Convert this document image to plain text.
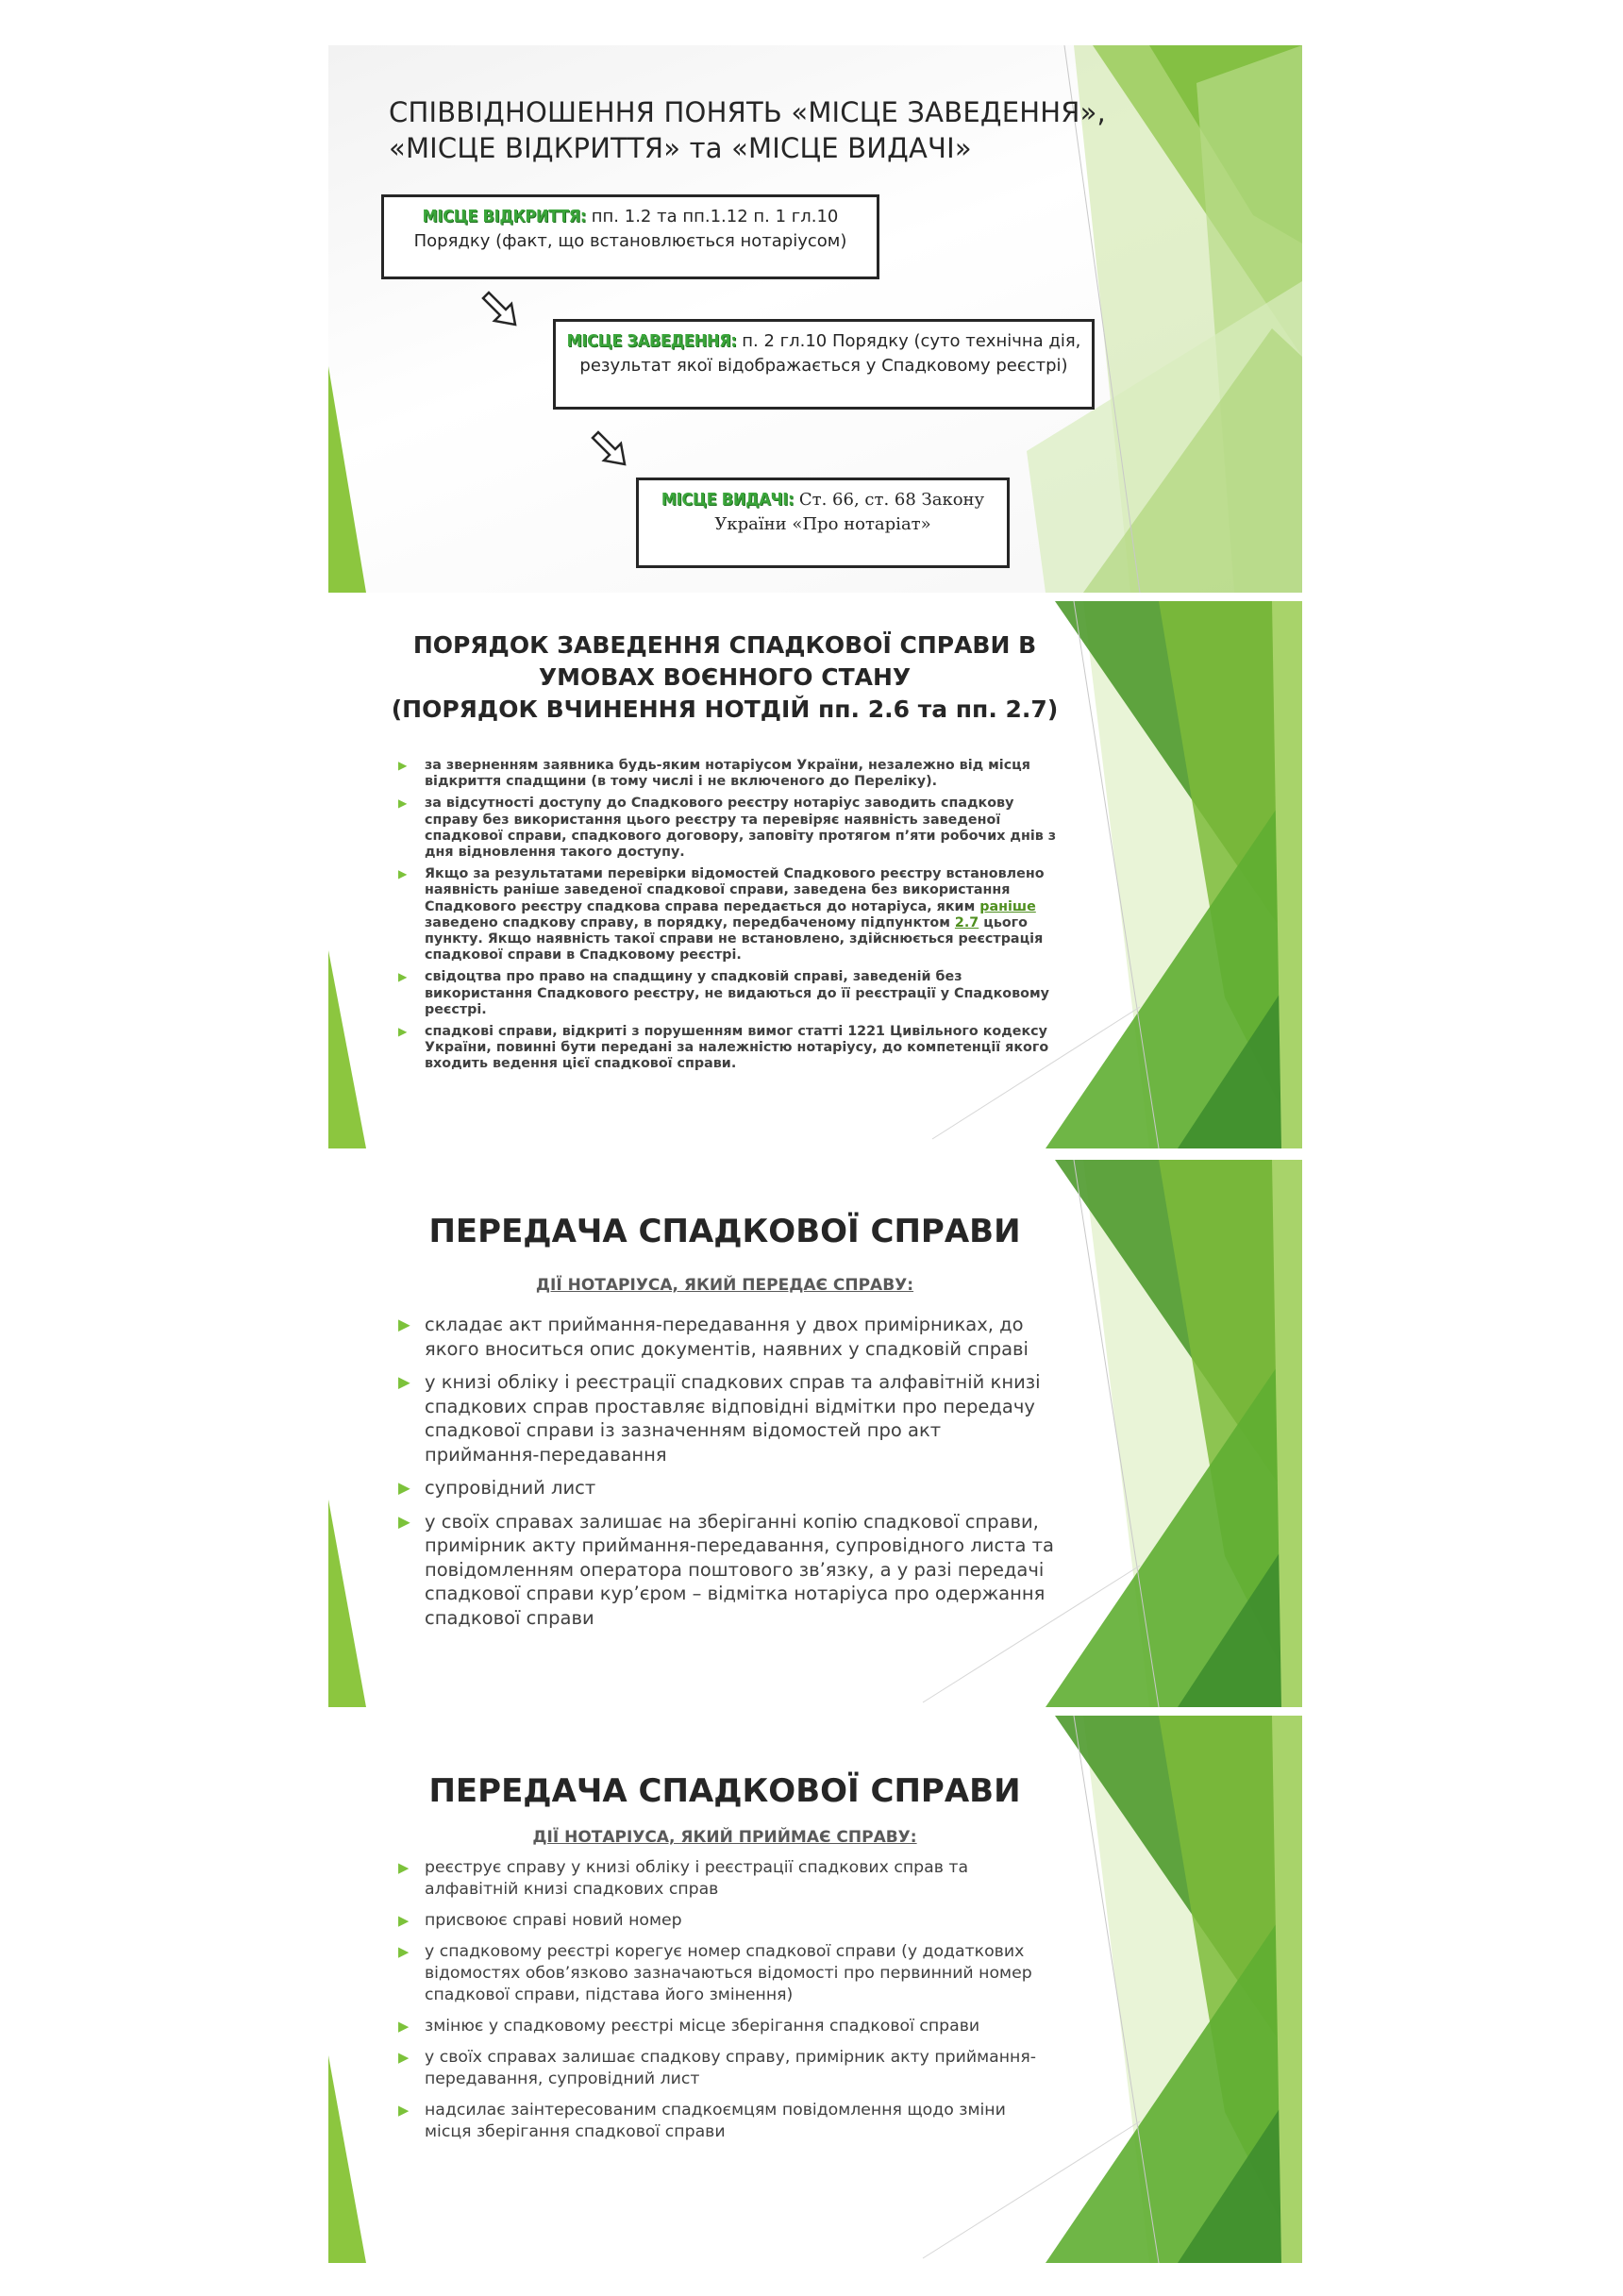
СПІВВІДНОШЕННЯ ПОНЯТЬ «МІСЦЕ ЗАВЕДЕННЯ»,
«МІСЦЕ ВІДКРИТТЯ» та «МІСЦЕ ВИДАЧІ»
МІСЦЕ ВІДКРИТТЯ: пп. 1.2 та пп.1.12 п. 1 гл.10
Порядку (факт, що встановлюється нотаріусом)
МІСЦЕ ЗАВЕДЕННЯ: п. 2 гл.10 Порядку (суто технічна дія,
результат якої відображається у Спадковому реєстрі)
МІСЦЕ ВИДАЧІ: Ст. 66, ст. 68 Закону
України «Про нотаріат»
ПОРЯДОК ЗАВЕДЕННЯ СПАДКОВОЇ СПРАВИ В
УМОВАХ ВОЄННОГО СТАНУ
(ПОРЯДОК ВЧИНЕННЯ НОТДІЙ пп. 2.6 та пп. 2.7)
▶ за зверненням заявника будь-яким нотаріусом України, незалежно від місця відкриття спадщини (в тому числі і не включеного до Переліку).
▶ за відсутності доступу до Спадкового реєстру нотаріус заводить спадкову справу без використання цього реєстру та перевіряє наявність заведеної спадкової справи, спадкового договору, заповіту протягом п’яти робочих днів з дня відновлення такого доступу.
▶ Якщо за результатами перевірки відомостей Спадкового реєстру встановлено наявність раніше заведеної спадкової справи, заведена без використання Спадкового реєстру спадкова справа передається до нотаріуса, яким раніше заведено спадкову справу, в порядку, передбаченому підпунктом 2.7 цього пункту. Якщо наявність такої справи не встановлено, здійснюється реєстрація спадкової справи в Спадковому реєстрі.
▶ свідоцтва про право на спадщину у спадковій справі, заведеній без використання Спадкового реєстру, не видаються до її реєстрації у Спадковому реєстрі.
▶ спадкові справи, відкриті з порушенням вимог статті 1221 Цивільного кодексу України, повинні бути передані за належністю нотаріусу, до компетенції якого входить ведення цієї спадкової справи.
ПЕРЕДАЧА СПАДКОВОЇ СПРАВИ
ДІЇ НОТАРІУСА, ЯКИЙ ПЕРЕДАЄ СПРАВУ:
▶ складає акт приймання-передавання у двох примірниках, до якого вноситься опис документів, наявних у спадковій справі
▶ у книзі обліку і реєстрації спадкових справ та алфавітній книзі спадкових справ проставляє відповідні відмітки про передачу спадкової справи із зазначенням відомостей про акт приймання-передавання
▶ супровідний лист
▶ у своїх справах залишає на зберіганні копію спадкової справи, примірник акту приймання-передавання, супровідного листа та повідомленням оператора поштового зв’язку, а у разі передачі спадкової справи кур’єром – відмітка нотаріуса про одержання спадкової справи
ПЕРЕДАЧА СПАДКОВОЇ СПРАВИ
ДІЇ НОТАРІУСА, ЯКИЙ ПРИЙМАЄ СПРАВУ:
▶ реєструє справу у книзі обліку і реєстрації спадкових справ та алфавітній книзі спадкових справ
▶ присвоює справі новий номер
▶ у спадковому реєстрі корегує номер спадкової справи (у додаткових відомостях обов’язково зазначаються відомості про первинний номер спадкової справи, підстава його змінення)
▶ змінює у спадковому реєстрі місце зберігання спадкової справи
▶ у своїх справах залишає спадкову справу, примірник акту приймання-передавання, супровідний лист
▶ надсилає заінтересованим спадкоємцям повідомлення щодо зміни місця зберігання спадкової справи
